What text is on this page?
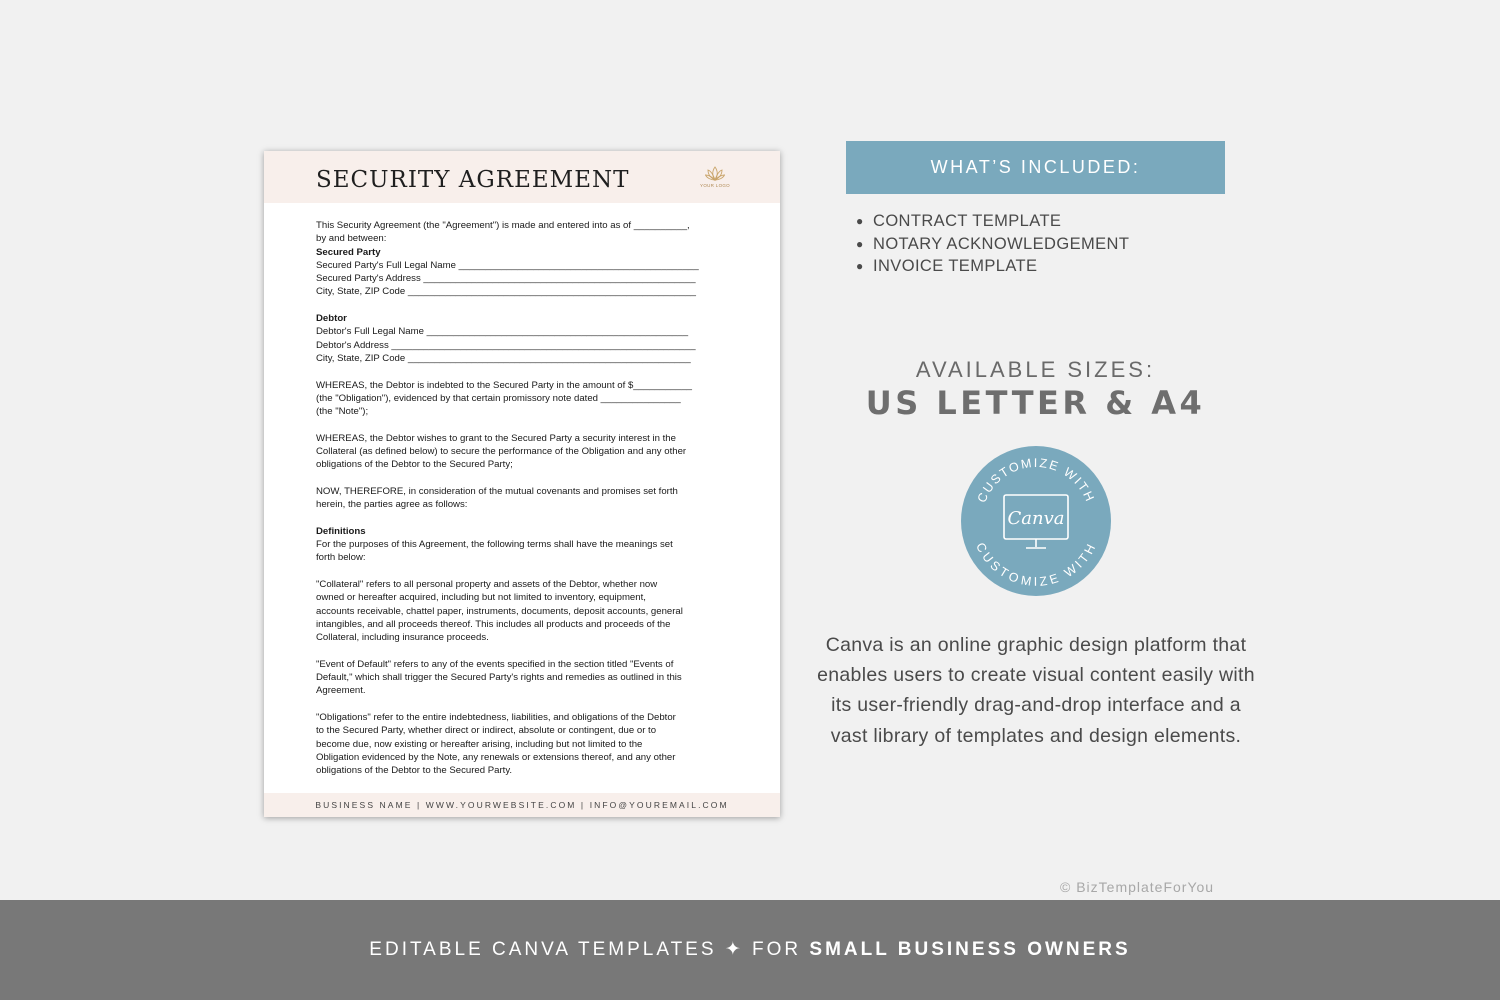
SECURITY AGREEMENT	YOUR LOGO
This Security Agreement (the "Agreement") is made and entered into as of __________,
by and between:
Secured Party
Secured Party's Full Legal Name _____________________________________________
Secured Party's Address ___________________________________________________
City, State, ZIP Code ______________________________________________________
Debtor
Debtor's Full Legal Name _________________________________________________
Debtor's Address _________________________________________________________
City, State, ZIP Code _____________________________________________________
WHEREAS, the Debtor is indebted to the Secured Party in the amount of $___________
(the "Obligation"), evidenced by that certain promissory note dated _______________
(the "Note");
WHEREAS, the Debtor wishes to grant to the Secured Party a security interest in the
Collateral (as defined below) to secure the performance of the Obligation and any other
obligations of the Debtor to the Secured Party;
NOW, THEREFORE, in consideration of the mutual covenants and promises set forth
herein, the parties agree as follows:
Definitions
For the purposes of this Agreement, the following terms shall have the meanings set
forth below:
"Collateral" refers to all personal property and assets of the Debtor, whether now
owned or hereafter acquired, including but not limited to inventory, equipment,
accounts receivable, chattel paper, instruments, documents, deposit accounts, general
intangibles, and all proceeds thereof. This includes all products and proceeds of the
Collateral, including insurance proceeds.
"Event of Default" refers to any of the events specified in the section titled "Events of
Default," which shall trigger the Secured Party's rights and remedies as outlined in this
Agreement.
"Obligations" refer to the entire indebtedness, liabilities, and obligations of the Debtor
to the Secured Party, whether direct or indirect, absolute or contingent, due or to
become due, now existing or hereafter arising, including but not limited to the
Obligation evidenced by the Note, any renewals or extensions thereof, and any other
obligations of the Debtor to the Secured Party.
BUSINESS NAME | WWW.YOURWEBSITE.COM | INFO@YOUREMAIL.COM
WHAT’S INCLUDED:
● CONTRACT TEMPLATE
● NOTARY ACKNOWLEDGEMENT
● INVOICE TEMPLATE
AVAILABLE SIZES:
US LETTER & A4
CUSTOMIZE WITH
CUSTOMIZE WITH
Canva
Canva is an online graphic design platform that enables users to create visual content easily with its user-friendly drag-and-drop interface and a vast library of templates and design elements.
© BizTemplateForYou
EDITABLE CANVA TEMPLATES ✦ FOR SMALL BUSINESS OWNERS
